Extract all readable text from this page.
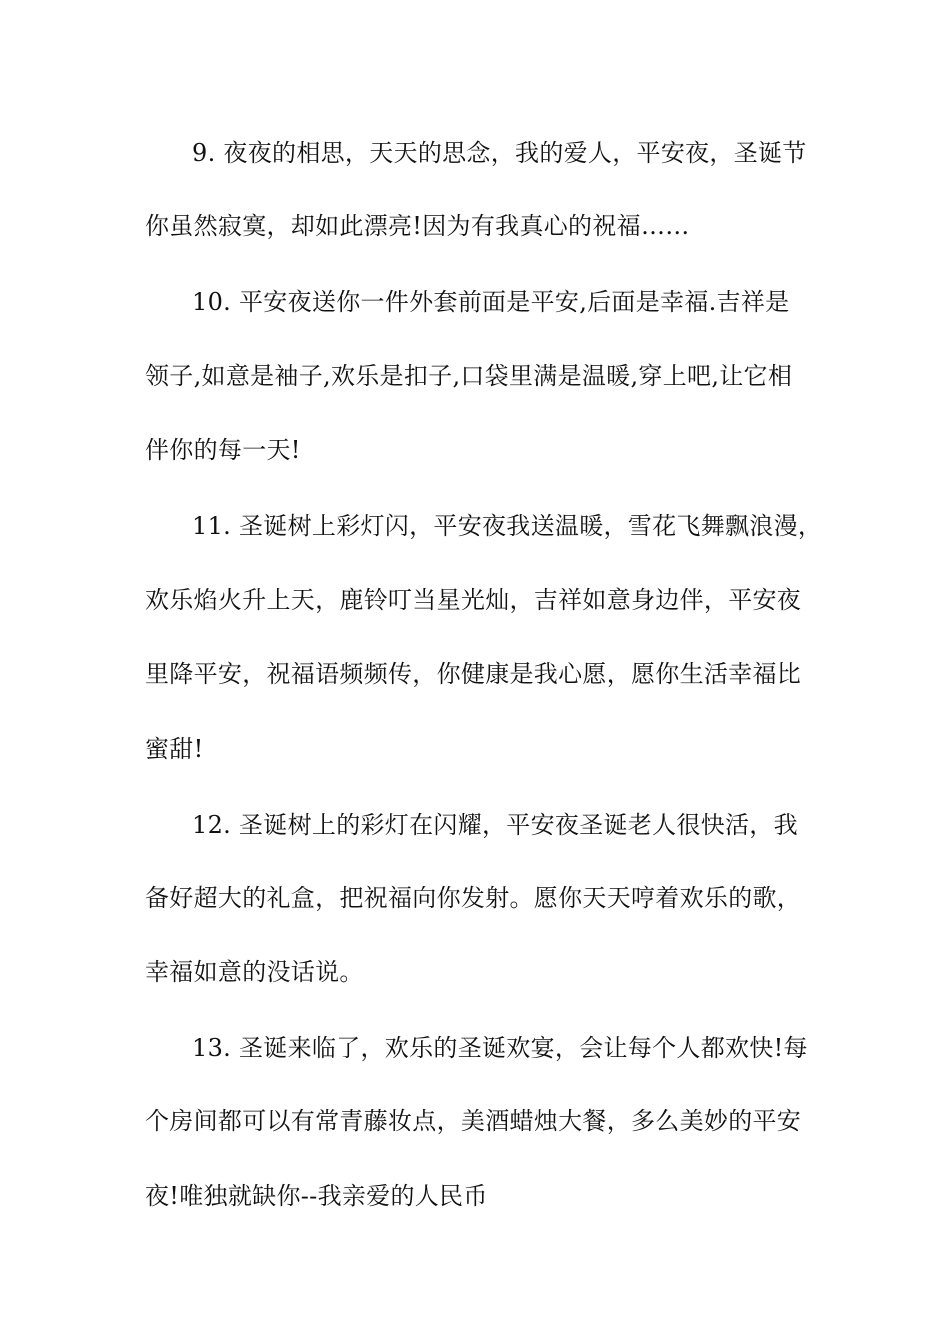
9. 夜夜的相思，天天的思念，我的爱人，平安夜，圣诞节
你虽然寂寞，却如此漂亮!因为有我真心的祝福……
10. 平安夜送你一件外套前面是平安,后面是幸福.吉祥是
领子,如意是袖子,欢乐是扣子,口袋里满是温暖,穿上吧,让它相
伴你的每一天!
11. 圣诞树上彩灯闪，平安夜我送温暖，雪花飞舞飘浪漫，
欢乐焰火升上天，鹿铃叮当星光灿，吉祥如意身边伴，平安夜
里降平安，祝福语频频传，你健康是我心愿，愿你生活幸福比
蜜甜!
12. 圣诞树上的彩灯在闪耀，平安夜圣诞老人很快活，我
备好超大的礼盒，把祝福向你发射。愿你天天哼着欢乐的歌，
幸福如意的没话说。
13. 圣诞来临了，欢乐的圣诞欢宴，会让每个人都欢快!每
个房间都可以有常青藤妆点，美酒蜡烛大餐，多么美妙的平安
夜!唯独就缺你--我亲爱的人民币
